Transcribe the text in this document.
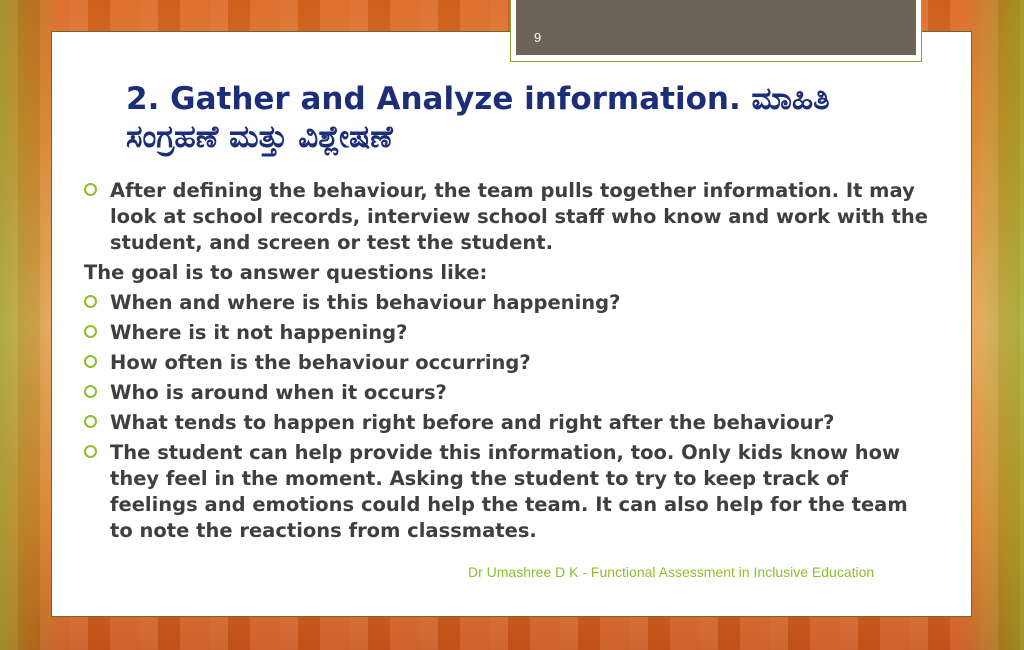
9
2. Gather and Analyze information. ಮಾಹಿತಿ ಸಂಗ್ರಹಣೆ ಮತ್ತು ವಿಶ್ಲೇಷಣೆ
After defining the behaviour, the team pulls together information. It may look at school records, interview school staff who know and work with the student, and screen or test the student.
The goal is to answer questions like:
When and where is this behaviour happening?
Where is it not happening?
How often is the behaviour occurring?
Who is around when it occurs?
What tends to happen right before and right after the behaviour?
The student can help provide this information, too. Only kids know how they feel in the moment. Asking the student to try to keep track of feelings and emotions could help the team. It can also help for the team to note the reactions from classmates.
Dr Umashree D K - Functional Assessment in Inclusive Education
